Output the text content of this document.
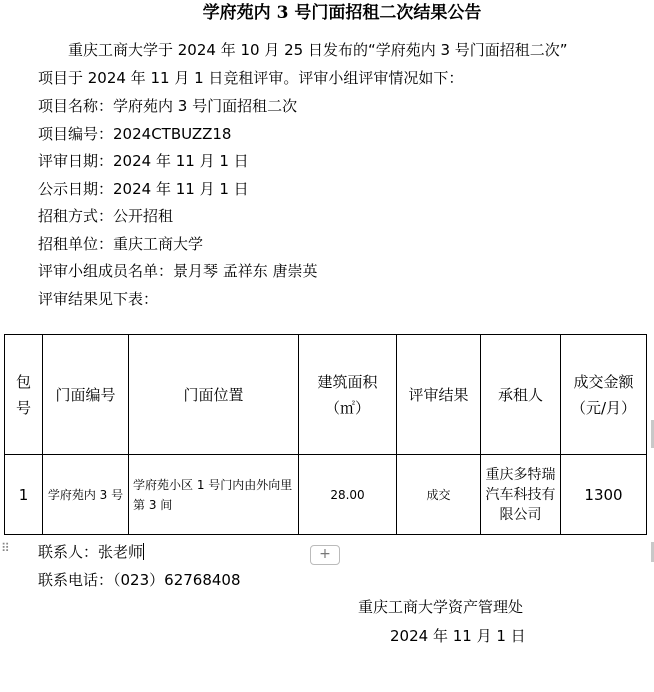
学府苑内 3 号门面招租二次结果公告
重庆工商大学于 2024 年 10 月 25 日发布的“学府苑内 3 号门面招租二次”
项目于 2024 年 11 月 1 日竞租评审。评审小组评审情况如下：
项目名称：学府苑内 3 号门面招租二次
项目编号：2024CTBUZZ18
评审日期：2024 年 11 月 1 日
公示日期：2024 年 11 月 1 日
招租方式：公开招租
招租单位：重庆工商大学
评审小组成员名单：景月琴 孟祥东 唐崇英
评审结果见下表：
包号	门面编号	门面位置	建筑面积（㎡）	评审结果	承租人	成交金额（元/月）
1	学府苑内 3 号	学府苑小区 1 号门内由外向里第 3 间	28.00	成交	重庆多特瑞汽车科技有限公司	1300
⠿	+
联系人：张老师
联系电话：（023）62768408
重庆工商大学资产管理处
2024 年 11 月 1 日
